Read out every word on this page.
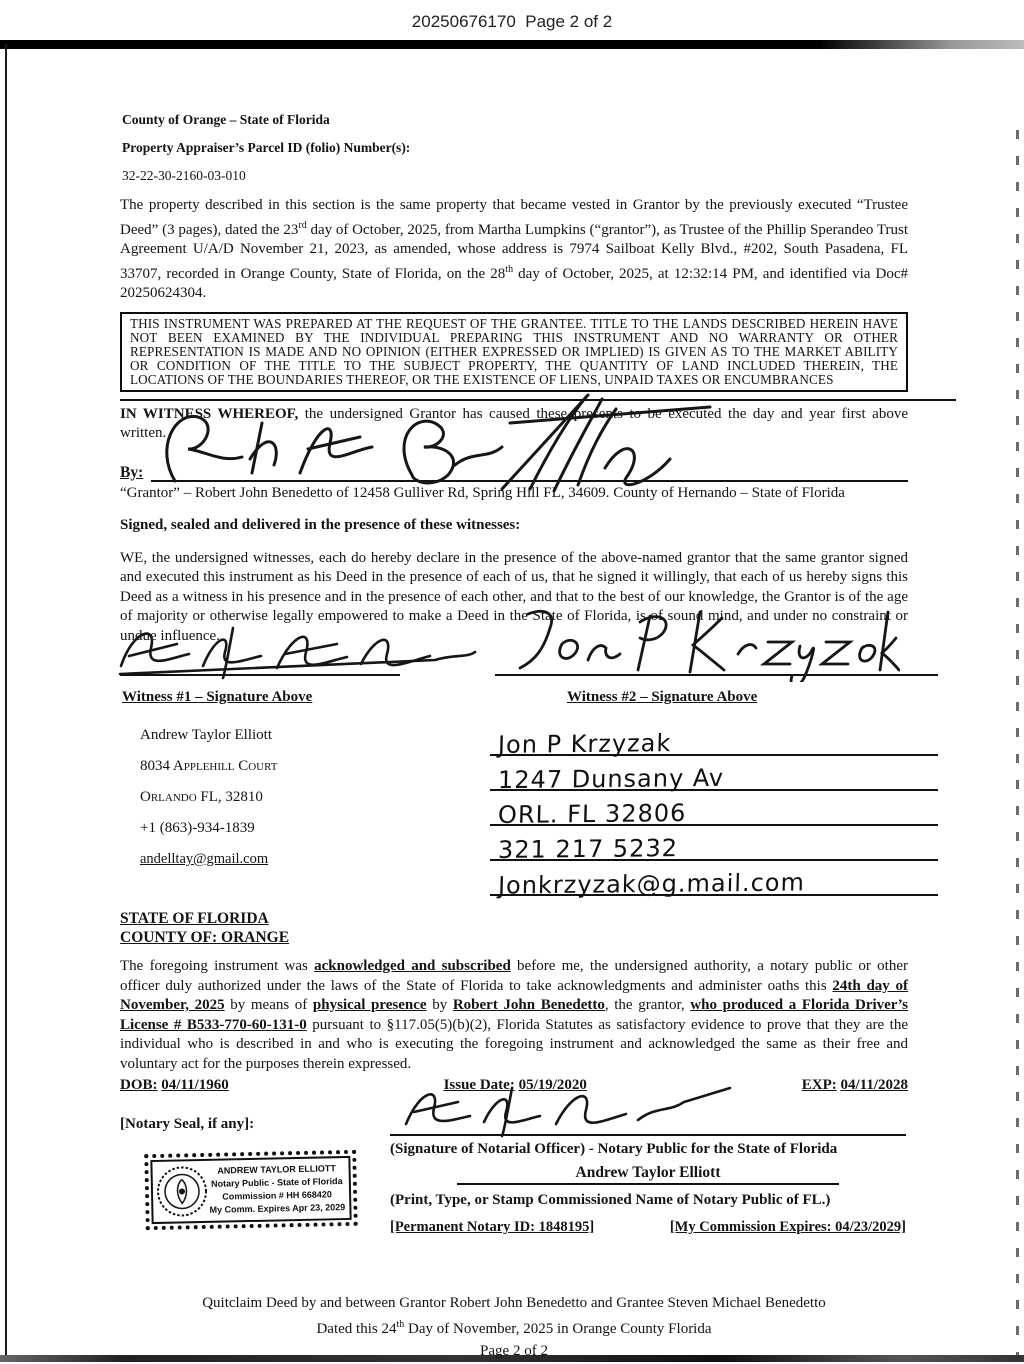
20250676170  Page 2 of 2

County of Orange – State of Florida

Property Appraiser’s Parcel ID (folio) Number(s):

32-22-30-2160-03-010

The property described in this section is the same property that became vested in Grantor by the previously executed “Trustee Deed” (3 pages), dated the 23rd day of October, 2025, from Martha Lumpkins (“grantor”), as Trustee of the Phillip Sperandeo Trust Agreement U/A/D November 21, 2023, as amended, whose address is 7974 Sailboat Kelly Blvd., #202, South Pasadena, FL 33707, recorded in Orange County, State of Florida, on the 28th day of October, 2025, at 12:32:14 PM, and identified via Doc# 20250624304.

THIS INSTRUMENT WAS PREPARED AT THE REQUEST OF THE GRANTEE. TITLE TO THE LANDS DESCRIBED HEREIN HAVE NOT BEEN EXAMINED BY THE INDIVIDUAL PREPARING THIS INSTRUMENT AND NO WARRANTY OR OTHER REPRESENTATION IS MADE AND NO OPINION (EITHER EXPRESSED OR IMPLIED) IS GIVEN AS TO THE MARKET ABILITY OR CONDITION OF THE TITLE TO THE SUBJECT PROPERTY, THE QUANTITY OF LAND INCLUDED THEREIN, THE LOCATIONS OF THE BOUNDARIES THEREOF, OR THE EXISTENCE OF LIENS, UNPAID TAXES OR ENCUMBRANCES

IN WITNESS WHEREOF, the undersigned Grantor has caused these presents to be executed the day and year first above written.

By:

“Grantor” – Robert John Benedetto of 12458 Gulliver Rd, Spring Hill FL, 34609. County of Hernando – State of Florida

Signed, sealed and delivered in the presence of these witnesses:

WE, the undersigned witnesses, each do hereby declare in the presence of the above-named grantor that the same grantor signed and executed this instrument as his Deed in the presence of each of us, that he signed it willingly, that each of us hereby signs this Deed as a witness in his presence and in the presence of each other, and that to the best of our knowledge, the Grantor is of the age of majority or otherwise legally empowered to make a Deed in the State of Florida, is of sound mind, and under no constraint or undue influence.

Witness #1 – Signature Above	Witness #2 – Signature Above
Andrew Taylor Elliott
8034 Applehill Court
Orlando FL, 32810
+1 (863)-934-1839
andelltay@gmail.com
Jon P Krzyzak
1247 Dunsany Av
ORL. FL 32806
321 217 5232
Jonkrzyzak@g.mail.com
STATE OF FLORIDA
COUNTY OF: ORANGE

The foregoing instrument was acknowledged and subscribed before me, the undersigned authority, a notary public or other officer duly authorized under the laws of the State of Florida to take acknowledgments and administer oaths this 24th day of November, 2025 by means of physical presence by Robert John Benedetto, the grantor, who produced a Florida Driver’s License # B533-770-60-131-0 pursuant to §117.05(5)(b)(2), Florida Statutes as satisfactory evidence to prove that they are the individual who is described in and who is executing the foregoing instrument and acknowledged the same as their free and voluntary act for the purposes therein expressed.

DOB: 04/11/1960	Issue Date: 05/19/2020	EXP: 04/11/2028
[Notary Seal, if any]:
ANDREW TAYLOR ELLIOTT
Notary Public - State of Florida
Commission # HH 668420
My Comm. Expires Apr 23, 2029
(Signature of Notarial Officer) - Notary Public for the State of Florida
Andrew Taylor Elliott
(Print, Type, or Stamp Commissioned Name of Notary Public of FL.)
[Permanent Notary ID: 1848195]	[My Commission Expires: 04/23/2029]
Quitclaim Deed by and between Grantor Robert John Benedetto and Grantee Steven Michael Benedetto
Dated this 24th Day of November, 2025 in Orange County Florida
Page 2 of 2
